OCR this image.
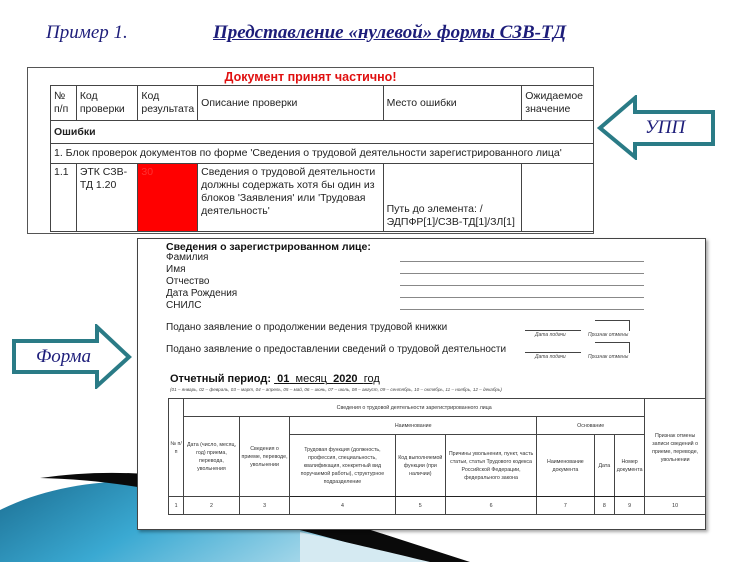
Пример 1.	Представление «нулевой» формы СЗВ-ТД
Документ принят частично!
№ п/п	Код проверки	Код результата	Описание проверки	Место ошибки	Ожидаемое значение
Ошибки					
1. Блок проверок документов по форме 'Сведения о трудовой деятельности зарегистрированного лица'					
1.1	ЭТК СЗВ-ТД 1.20	30	Сведения о трудовой деятельности должны содержать хотя бы один из блоков 'Заявления' или 'Трудовая деятельность'	Путь до элемента: /ЭДПФР[1]/СЗВ-ТД[1]/ЗЛ[1]	
УПП
Форма
Сведения о зарегистрированном лице:
Фамилия
Имя
Отчество
Дата Рождения
СНИЛС
Подано заявление о продолжении ведения трудовой книжки
Дата подачи	Признак отмены
Подано заявление о предоставлении сведений о трудовой деятельности
Дата подачи	Признак отмены
Отчетный период: 01 месяц 2020 год
(01 – январь, 02 – февраль, 03 – март, 04 – апрель, 05 – май, 06 – июнь, 07 – июль, 08 – август, 09 – сентябрь, 10 – октябрь, 11 – ноябрь, 12 – декабрь)
№ п/п	Сведения о трудовой деятельности зарегистрированного лица								Признак отмены записи сведений о приеме, переводе, увольнении
	Дата (число, месяц, год) приема, перевода, увольнения	Сведения о приеме, переводе, увольнении	Наименование			Основание			
			Трудовая функция (должность, профессия, специальность, квалификация, конкретный вид поручаемой работы), структурное подразделение	Код выполняемой функции (при наличии)	Причины увольнения, пункт, часть статьи, статья Трудового кодекса Российской Федерации, федерального закона	Наименование документа	Дата	Номер документа	
1	2	3	4	5	6	7	8	9	10
